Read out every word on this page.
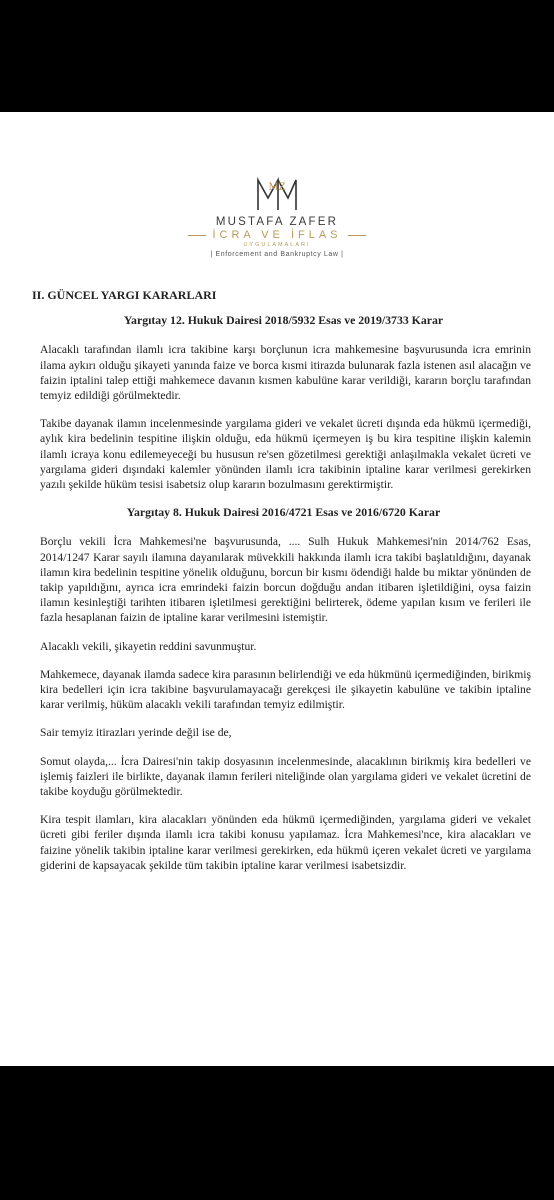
MZ
MUSTAFA ZAFER
İCRA VE İFLAS
UYGULAMALARI
| Enforcement and Bankruptcy Law |
II. GÜNCEL YARGI KARARLARI
Yargıtay 12. Hukuk Dairesi 2018/5932 Esas ve 2019/3733 Karar

Alacaklı tarafından ilamlı icra takibine karşı borçlunun icra mahkemesine başvurusunda icra emrinin ilama aykırı olduğu şikayeti yanında faize ve borca kısmi itirazda bulunarak fazla istenen asıl alacağın ve faizin iptalini talep ettiği mahkemece davanın kısmen kabulüne karar verildiği, kararın borçlu tarafından temyiz edildiği görülmektedir.

Takibe dayanak ilamın incelenmesinde yargılama gideri ve vekalet ücreti dışında eda hükmü içermediği, aylık kira bedelinin tespitine ilişkin olduğu, eda hükmü içermeyen iş bu kira tespitine ilişkin kalemin ilamlı icraya konu edilemeyeceği bu hususun re'sen gözetilmesi gerektiği anlaşılmakla vekalet ücreti ve yargılama gideri dışındaki kalemler yönünden ilamlı icra takibinin iptaline karar verilmesi gerekirken yazılı şekilde hüküm tesisi isabetsiz olup kararın bozulmasını gerektirmiştir.

Yargıtay 8. Hukuk Dairesi 2016/4721 Esas ve 2016/6720 Karar

Borçlu vekili İcra Mahkemesi'ne başvurusunda, .... Sulh Hukuk Mahkemesi'nin 2014/762 Esas, 2014/1247 Karar sayılı ilamına dayanılarak müvekkili hakkında ilamlı icra takibi başlatıldığını, dayanak ilamın kira bedelinin tespitine yönelik olduğunu, borcun bir kısmı ödendiği halde bu miktar yönünden de takip yapıldığını, ayrıca icra emrindeki faizin borcun doğduğu andan itibaren işletildiğini, oysa faizin ilamın kesinleştiği tarihten itibaren işletilmesi gerektiğini belirterek, ödeme yapılan kısım ve ferileri ile fazla hesaplanan faizin de iptaline karar verilmesini istemiştir.

Alacaklı vekili, şikayetin reddini savunmuştur.

Mahkemece, dayanak ilamda sadece kira parasının belirlendiği ve eda hükmünü içermediğinden, birikmiş kira bedelleri için icra takibine başvurulamayacağı gerekçesi ile şikayetin kabulüne ve takibin iptaline karar verilmiş, hüküm alacaklı vekili tarafından temyiz edilmiştir.

Sair temyiz itirazları yerinde değil ise de,

Somut olayda,... İcra Dairesi'nin takip dosyasının incelenmesinde, alacaklının birikmiş kira bedelleri ve işlemiş faizleri ile birlikte, dayanak ilamın ferileri niteliğinde olan yargılama gideri ve vekalet ücretini de takibe koyduğu görülmektedir.

Kira tespit ilamları, kira alacakları yönünden eda hükmü içermediğinden, yargılama gideri ve vekalet ücreti gibi feriler dışında ilamlı icra takibi konusu yapılamaz. İcra Mahkemesi'nce, kira alacakları ve faizine yönelik takibin iptaline karar verilmesi gerekirken, eda hükmü içeren vekalet ücreti ve yargılama giderini de kapsayacak şekilde tüm takibin iptaline karar verilmesi isabetsizdir.
